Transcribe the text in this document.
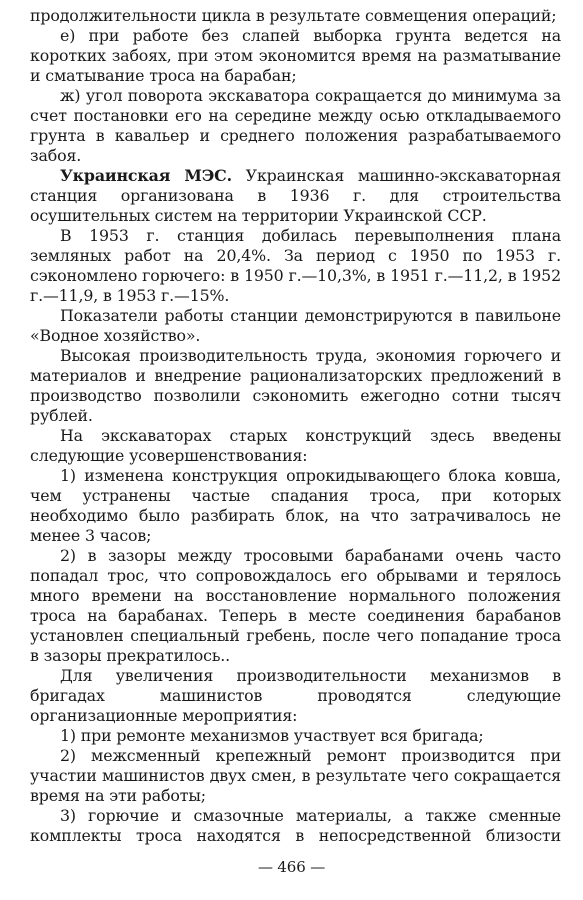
продолжительности цикла в результате совмещения операций;

е) при работе без слапей выборка грунта ведется на коротких забоях, при этом экономится время на разматывание и сматывание троса на барабан;

ж) угол поворота экскаватора сокращается до минимума за счет постановки его на середине между осью откладываемого грунта в кавальер и среднего положения разрабатываемого забоя.

Украинская МЭС. Украинская машинно-экскаваторная станция организована в 1936 г. для строительства осушительных систем на территории Украинской ССР.

В 1953 г. станция добилась перевыполнения плана земляных работ на 20,4%. За период с 1950 по 1953 г. сэкономлено горючего: в 1950 г.—10,3%, в 1951 г.—11,2, в 1952 г.—11,9, в 1953 г.—15%.

Показатели работы станции демонстрируются в павильоне «Водное хозяйство».

Высокая производительность труда, экономия горючего и материалов и внедрение рационализаторских предложений в производство позволили сэкономить ежегодно сотни тысяч рублей.

На экскаваторах старых конструкций здесь введены следующие усовершенствования:

1) изменена конструкция опрокидывающего блока ковша, чем устранены частые спадания троса, при которых необходимо было разбирать блок, на что затрачивалось не менее 3 часов;

2) в зазоры между тросовыми барабанами очень часто попадал трос, что сопровождалось его обрывами и терялось много времени на восстановление нормального положения троса на барабанах. Теперь в месте соединения барабанов установлен специальный гребень, после чего попадание троса в зазоры прекратилось..

Для увеличения производительности механизмов в бригадах машинистов проводятся следующие организационные мероприятия:

1) при ремонте механизмов участвует вся бригада;

2) межсменный крепежный ремонт производится при участии машинистов двух смен, в результате чего сокращается время на эти работы;

3) горючие и смазочные материалы, а также сменные комплекты троса находятся в непосредственной близости

— 466 —
